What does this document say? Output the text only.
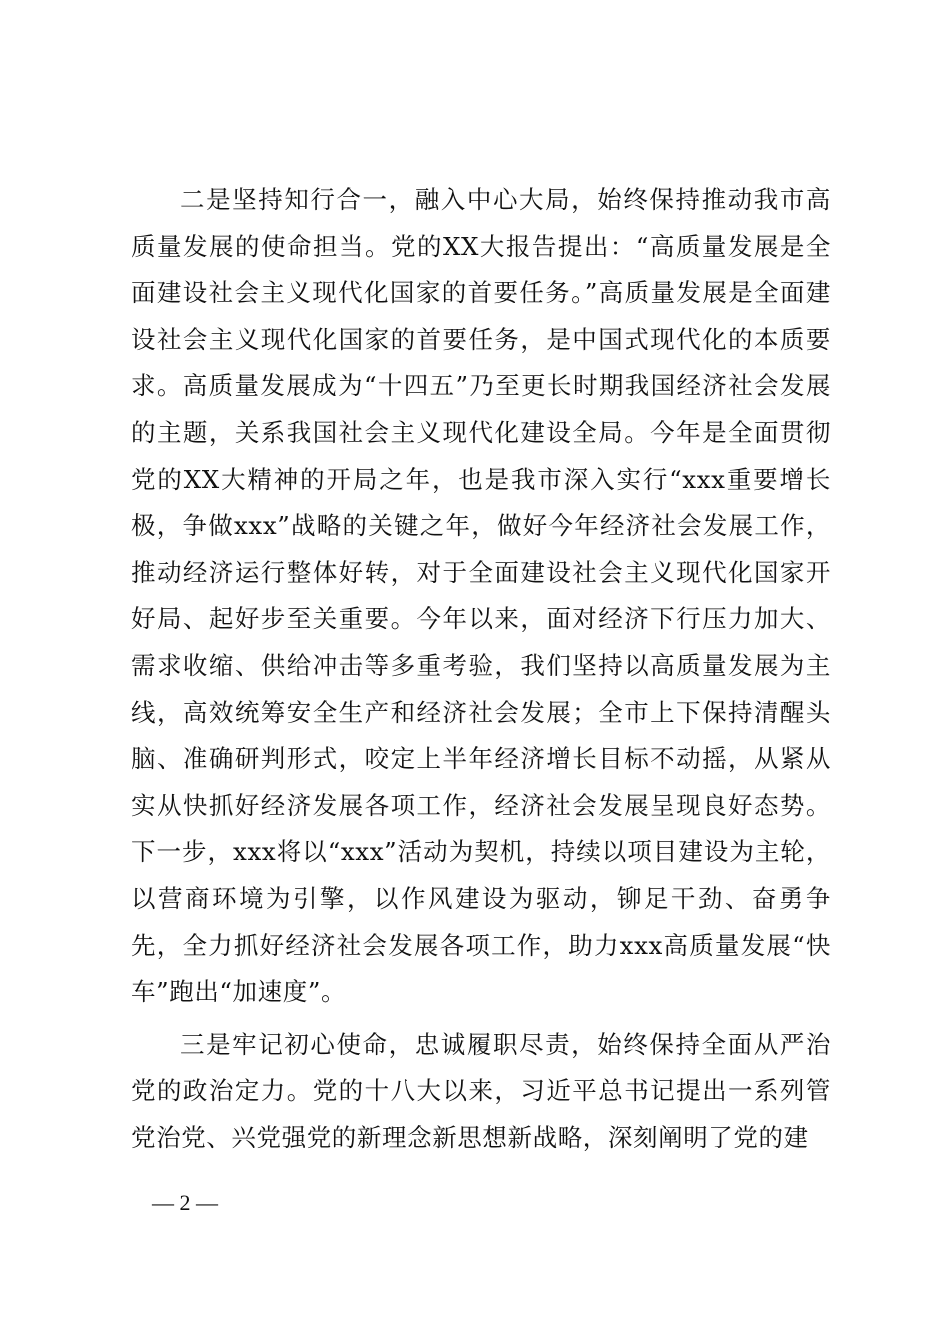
二是坚持知行合一，融入中心大局，始终保持推动我市高质量发展的使命担当。党的XX大报告提出：“高质量发展是全面建设社会主义现代化国家的首要任务。”高质量发展是全面建设社会主义现代化国家的首要任务，是中国式现代化的本质要求。高质量发展成为“十四五”乃至更长时期我国经济社会发展的主题，关系我国社会主义现代化建设全局。今年是全面贯彻党的XX大精神的开局之年，也是我市深入实行“xxx重要增长极，争做xxx”战略的关键之年，做好今年经济社会发展工作，推动经济运行整体好转，对于全面建设社会主义现代化国家开好局、起好步至关重要。今年以来，面对经济下行压力加大、需求收缩、供给冲击等多重考验，我们坚持以高质量发展为主线，高效统筹安全生产和经济社会发展；全市上下保持清醒头脑、准确研判形式，咬定上半年经济增长目标不动摇，从紧从实从快抓好经济发展各项工作，经济社会发展呈现良好态势。下一步，xxx将以“xxx”活动为契机，持续以项目建设为主轮，以营商环境为引擎，以作风建设为驱动，铆足干劲、奋勇争先，全力抓好经济社会发展各项工作，助力xxx高质量发展“快车”跑出“加速度”。

三是牢记初心使命，忠诚履职尽责，始终保持全面从严治党的政治定力。党的十八大以来，习近平总书记提出一系列管党治党、兴党强党的新理念新思想新战略，深刻阐明了党的建

— 2 —
